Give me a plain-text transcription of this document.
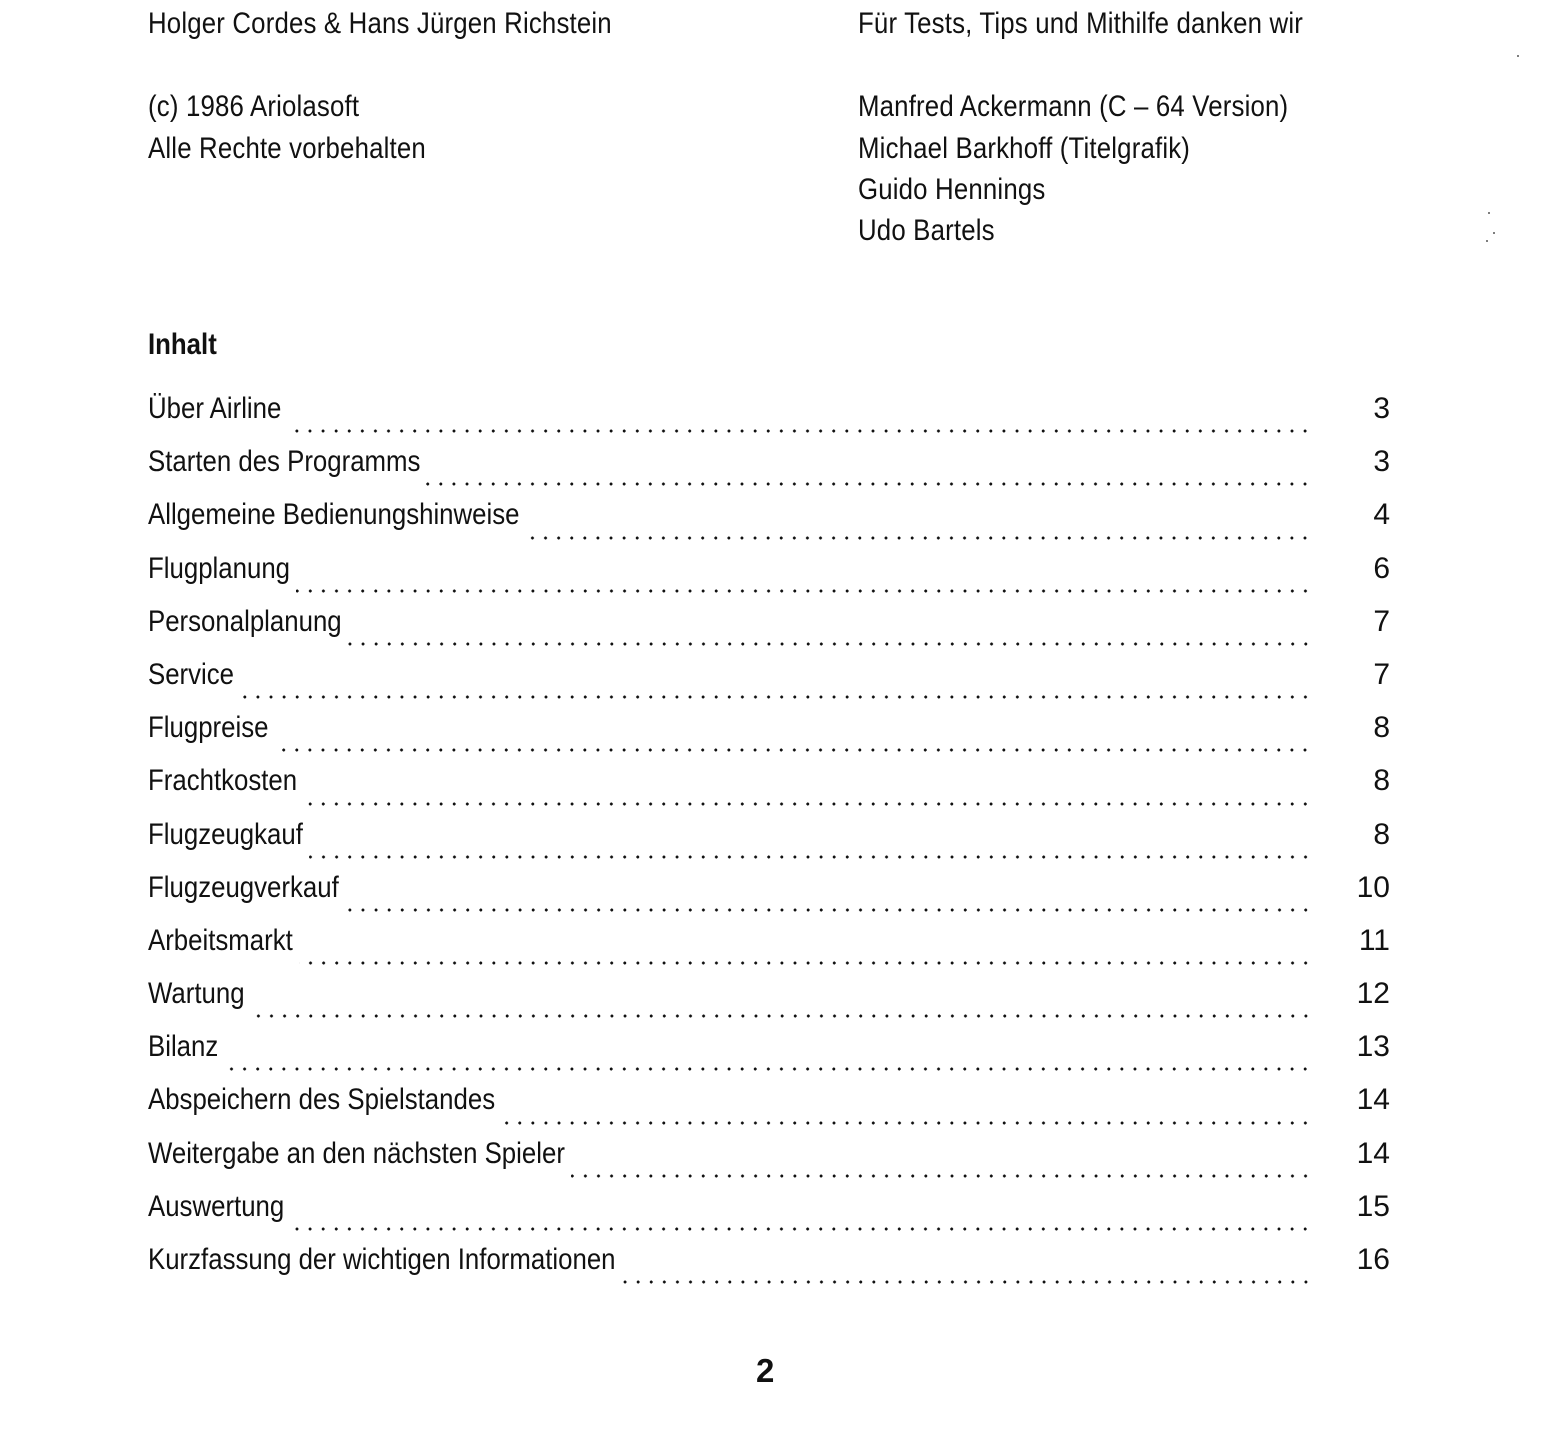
Holger Cordes & Hans Jürgen Richstein
(c) 1986 Ariolasoft
Alle Rechte vorbehalten
Für Tests, Tips und Mithilfe danken wir
Manfred Ackermann (C – 64 Version)
Michael Barkhoff (Titelgrafik)
Guido Hennings
Udo Bartels
Inhalt
Über Airline	3
Starten des Programms	3
Allgemeine Bedienungshinweise	4
Flugplanung	6
Personalplanung	7
Service	7
Flugpreise	8
Frachtkosten	8
Flugzeugkauf	8
Flugzeugverkauf	10
Arbeitsmarkt	11
Wartung	12
Bilanz	13
Abspeichern des Spielstandes	14
Weitergabe an den nächsten Spieler	14
Auswertung	15
Kurzfassung der wichtigen Informationen	16
2
